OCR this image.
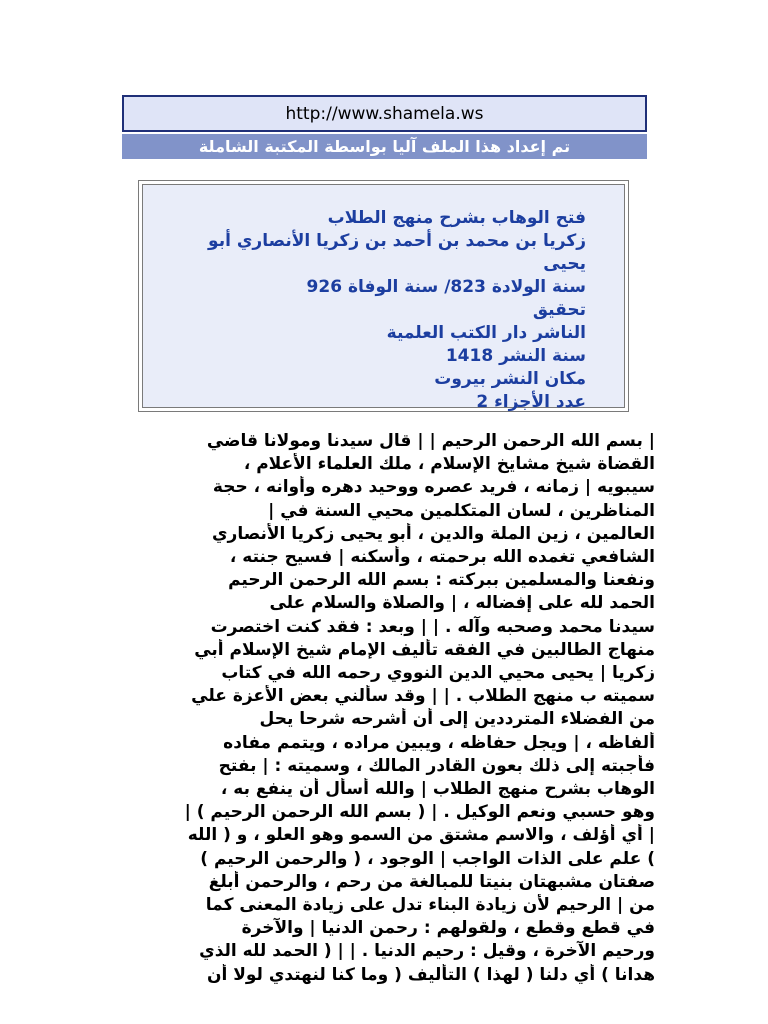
http://www.shamela.ws
تم إعداد هذا الملف آليا بواسطة المكتبة الشاملة
فتح الوهاب بشرح منهج الطلاب
زكريا بن محمد بن أحمد بن زكريا الأنصاري أبو
يحيى
سنة الولادة 823/ سنة الوفاة 926
تحقيق
الناشر دار الكتب العلمية
سنة النشر 1418
مكان النشر بيروت
عدد الأجزاء 2
| بسم الله الرحمن الرحيم | | قال سيدنا ومولانا قاضي
القضاة شيخ مشايخ الإسلام ، ملك العلماء الأعلام ،
سيبويه | زمانه ، فريد عصره ووحيد دهره وأوانه ، حجة
المناظرين ، لسان المتكلمين محيي السنة في |
العالمين ، زين الملة والدين ، أبو يحيى زكريا الأنصاري
الشافعي تغمده الله برحمته ، وأسكنه | فسيح جنته ،
ونفعنا والمسلمين ببركته : بسم الله الرحمن الرحيم
الحمد لله على إفضاله ، | والصلاة والسلام على
سيدنا محمد وصحبه وآله . | | وبعد : فقد كنت اختصرت
منهاج الطالبين في الفقه تأليف الإمام شيخ الإسلام أبي
زكريا | يحيى محيي الدين النووي رحمه الله في كتاب
سميته ب منهج الطلاب . | | وقد سألني بعض الأعزة علي
من الفضلاء المترددين إلى أن أشرحه شرحا يحل
ألفاظه ، | ويجل حفاظه ، ويبين مراده ، ويتمم مفاده
فأجبته إلى ذلك بعون القادر المالك ، وسميته : | بفتح
الوهاب بشرح منهج الطلاب | والله أسأل أن ينفع به ،
وهو حسبي ونعم الوكيل . | ( بسم الله الرحمن الرحيم ) |
| أي أؤلف ، والاسم مشتق من السمو وهو العلو ، و ( الله
) علم على الذات الواجب | الوجود ، ( والرحمن الرحيم )
صفتان مشبهتان بنيتا للمبالغة من رحم ، والرحمن أبلغ
من | الرحيم لأن زيادة البناء تدل على زيادة المعنى كما
في قطع وقطع ، ولقولهم : رحمن الدنيا | والآخرة
ورحيم الآخرة ، وقيل : رحيم الدنيا . | | ( الحمد لله الذي
هدانا ) أي دلنا ( لهذا ) التأليف ( وما كنا لنهتدي لولا أن
